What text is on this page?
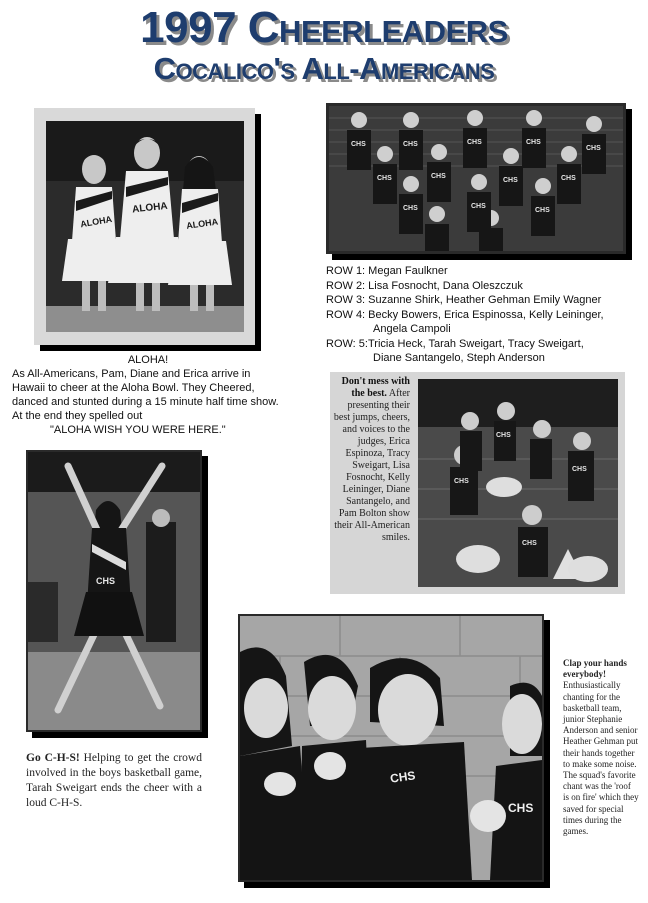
1997 Cheerleaders
Cocalico's All-Americans
ALOHA
ALOHA
ALOHA
CHS	CHS	CHS	CHS
CHS
CHS	CHS
CHS	CHS
CHS	CHS
CHS
ROW 1: Megan Faulkner
ROW 2: Lisa Fosnocht, Dana Oleszczuk
ROW 3: Suzanne Shirk, Heather Gehman Emily Wagner
ROW 4: Becky Bowers, Erica Espinossa, Kelly Leininger,
Angela Campoli
ROW: 5:Tricia Heck, Tarah Sweigart, Tracy Sweigart,
Diane Santangelo, Steph Anderson
ALOHA!
As All-Americans, Pam, Diane and Erica arrive in Hawaii to cheer at the Aloha Bowl. They Cheered, danced and stunted during a 15 minute half time show. At the end they spelled out
"ALOHA WISH YOU WERE HERE."	CHS
CHS
CHS
CHS
Don't mess with the best. After presenting their best jumps, cheers, and voices to the judges, Erica Espinoza, Tracy Sweigart, Lisa Fosnocht, Kelly Leininger, Diane Santangelo, and Pam Bolton show their All-American smiles.
CHS
Go C-H-S! Helping to get the crowd involved in the boys basketball game, Tarah Sweigart ends the cheer with a loud C-H-S.
CHS
CHS
Clap your hands everybody! Enthusiastically chanting for the basketball team, junior Stephanie Anderson and senior Heather Gehman put their hands together to make some noise. The squad's favorite chant was the 'roof is on fire' which they saved for special times during the games.
